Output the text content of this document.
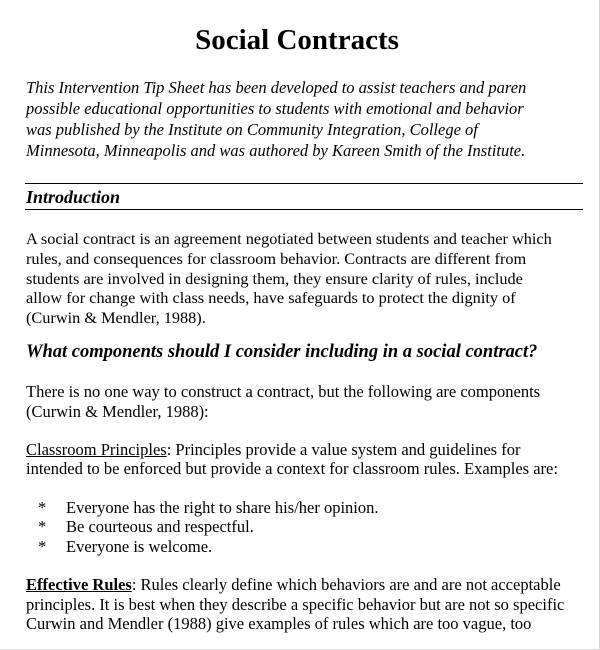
Social Contracts
This Intervention Tip Sheet has been developed to assist teachers and paren
possible educational opportunities to students with emotional and behavior
was published by the Institute on Community Integration, College of
Minnesota, Minneapolis and was authored by Kareen Smith of the Institute.
Introduction
A social contract is an agreement negotiated between students and teacher which
rules, and consequences for classroom behavior. Contracts are different from
students are involved in designing them, they ensure clarity of rules, include
allow for change with class needs, have safeguards to protect the dignity of
(Curwin & Mendler, 1988).
What components should I consider including in a social contract?
There is no one way to construct a contract, but the following are components
(Curwin & Mendler, 1988):
Classroom Principles: Principles provide a value system and guidelines for
intended to be enforced but provide a context for classroom rules. Examples are:
* Everyone has the right to share his/her opinion.
* Be courteous and respectful.
* Everyone is welcome.
Effective Rules: Rules clearly define which behaviors are and are not acceptable
principles. It is best when they describe a specific behavior but are not so specific
Curwin and Mendler (1988) give examples of rules which are too vague, too
